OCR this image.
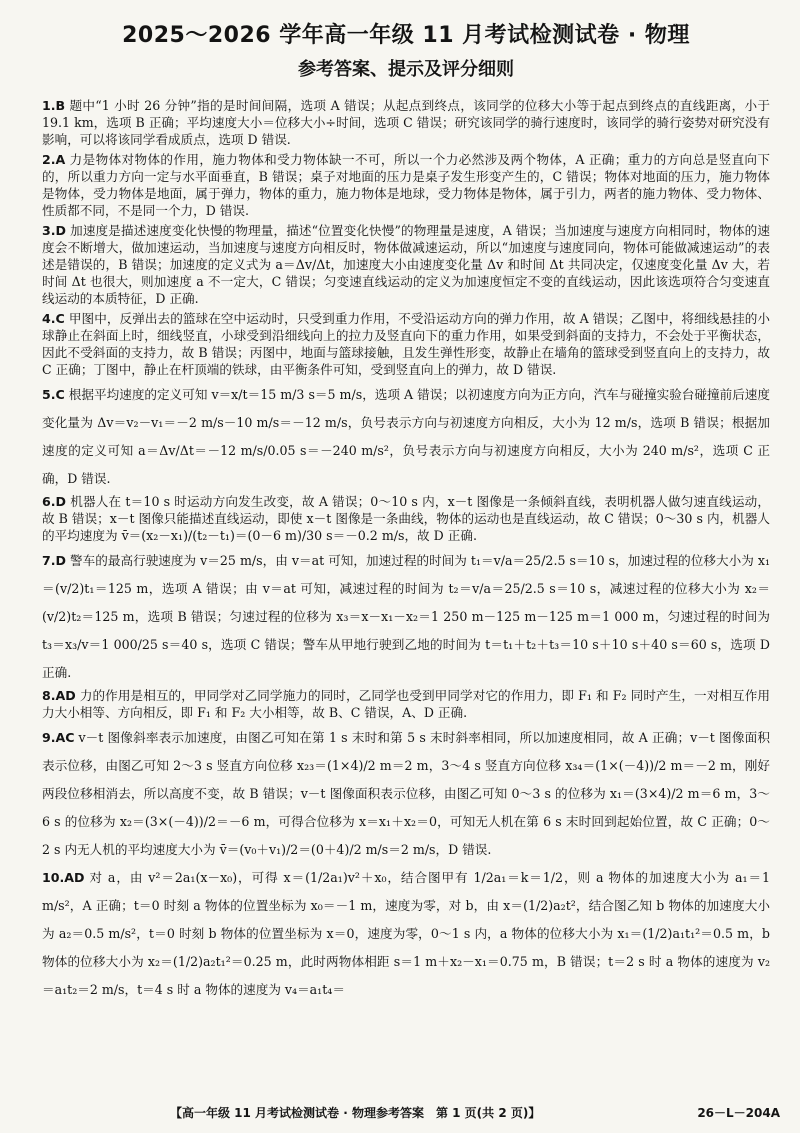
2025～2026 学年高一年级 11 月考试检测试卷 · 物理
参考答案、提示及评分细则
1.B 题中“1 小时 26 分钟”指的是时间间隔，选项 A 错误；从起点到终点，该同学的位移大小等于起点到终点的直线距离，小于19.1 km，选项 B 正确；平均速度大小＝位移大小÷时间，选项 C 错误；研究该同学的骑行速度时，该同学的骑行姿势对研究没有影响，可以将该同学看成质点，选项 D 错误.
2.A 力是物体对物体的作用，施力物体和受力物体缺一不可，所以一个力必然涉及两个物体，A 正确；重力的方向总是竖直向下的，所以重力方向一定与水平面垂直，B 错误；桌子对地面的压力是桌子发生形变产生的，C 错误；物体对地面的压力，施力物体是物体，受力物体是地面，属于弹力，物体的重力，施力物体是地球，受力物体是物体，属于引力，两者的施力物体、受力物体、性质都不同，不是同一个力，D 错误.
3.D 加速度是描述速度变化快慢的物理量，描述“位置变化快慢”的物理量是速度，A 错误；当加速度与速度方向相同时，物体的速度会不断增大，做加速运动，当加速度与速度方向相反时，物体做减速运动，所以“加速度与速度同向，物体可能做减速运动”的表述是错误的，B 错误；加速度的定义式为 a＝Δv/Δt，加速度大小由速度变化量 Δv 和时间 Δt 共同决定，仅速度变化量 Δv 大，若时间 Δt 也很大，则加速度 a 不一定大，C 错误；匀变速直线运动的定义为加速度恒定不变的直线运动，因此该选项符合匀变速直线运动的本质特征，D 正确.
4.C 甲图中，反弹出去的篮球在空中运动时，只受到重力作用，不受沿运动方向的弹力作用，故 A 错误；乙图中，将细线悬挂的小球静止在斜面上时，细线竖直，小球受到沿细线向上的拉力及竖直向下的重力作用，如果受到斜面的支持力，不会处于平衡状态，因此不受斜面的支持力，故 B 错误；丙图中，地面与篮球接触，且发生弹性形变，故静止在墙角的篮球受到竖直向上的支持力，故 C 正确；丁图中，静止在杆顶端的铁球，由平衡条件可知，受到竖直向上的弹力，故 D 错误.
5.C 根据平均速度的定义可知 v＝x/t＝15 m/3 s＝5 m/s，选项 A 错误；以初速度方向为正方向，汽车与碰撞实验台碰撞前后速度变化量为 Δv＝v₂－v₁＝－2 m/s－10 m/s＝－12 m/s，负号表示方向与初速度方向相反，大小为 12 m/s，选项 B 错误；根据加速度的定义可知 a＝Δv/Δt＝－12 m/s/0.05 s＝－240 m/s²，负号表示方向与初速度方向相反，大小为 240 m/s²，选项 C 正确，D 错误.
6.D 机器人在 t＝10 s 时运动方向发生改变，故 A 错误；0～10 s 内，x－t 图像是一条倾斜直线，表明机器人做匀速直线运动，故 B 错误；x－t 图像只能描述直线运动，即使 x－t 图像是一条曲线，物体的运动也是直线运动，故 C 错误；0～30 s 内，机器人的平均速度为 v̄＝(x₂－x₁)/(t₂－t₁)＝(0－6 m)/30 s＝－0.2 m/s，故 D 正确.
7.D 警车的最高行驶速度为 v＝25 m/s，由 v＝at 可知，加速过程的时间为 t₁＝v/a＝25/2.5 s＝10 s，加速过程的位移大小为 x₁＝(v/2)t₁＝125 m，选项 A 错误；由 v＝at 可知，减速过程的时间为 t₂＝v/a＝25/2.5 s＝10 s，减速过程的位移大小为 x₂＝(v/2)t₂＝125 m，选项 B 错误；匀速过程的位移为 x₃＝x－x₁－x₂＝1 250 m－125 m－125 m＝1 000 m，匀速过程的时间为 t₃＝x₃/v＝1 000/25 s＝40 s，选项 C 错误；警车从甲地行驶到乙地的时间为 t＝t₁＋t₂＋t₃＝10 s＋10 s＋40 s＝60 s，选项 D 正确.
8.AD 力的作用是相互的，甲同学对乙同学施力的同时，乙同学也受到甲同学对它的作用力，即 F₁ 和 F₂ 同时产生，一对相互作用力大小相等、方向相反，即 F₁ 和 F₂ 大小相等，故 B、C 错误，A、D 正确.
9.AC v－t 图像斜率表示加速度，由图乙可知在第 1 s 末时和第 5 s 末时斜率相同，所以加速度相同，故 A 正确；v－t 图像面积表示位移，由图乙可知 2～3 s 竖直方向位移 x₂₃＝(1×4)/2 m＝2 m，3～4 s 竖直方向位移 x₃₄＝(1×(－4))/2 m＝－2 m，刚好两段位移相消去，所以高度不变，故 B 错误；v－t 图像面积表示位移，由图乙可知 0～3 s 的位移为 x₁＝(3×4)/2 m＝6 m，3～6 s 的位移为 x₂＝(3×(－4))/2＝－6 m，可得合位移为 x＝x₁＋x₂＝0，可知无人机在第 6 s 末时回到起始位置，故 C 正确；0～2 s 内无人机的平均速度大小为 v̄＝(v₀＋v₁)/2＝(0＋4)/2 m/s＝2 m/s，D 错误.
10.AD 对 a，由 v²＝2a₁(x－x₀)，可得 x＝(1/2a₁)v²＋x₀，结合图甲有 1/2a₁＝k＝1/2，则 a 物体的加速度大小为 a₁＝1 m/s²，A 正确；t＝0 时刻 a 物体的位置坐标为 x₀＝－1 m，速度为零，对 b，由 x＝(1/2)a₂t²，结合图乙知 b 物体的加速度大小为 a₂＝0.5 m/s²，t＝0 时刻 b 物体的位置坐标为 x＝0，速度为零，0～1 s 内，a 物体的位移大小为 x₁＝(1/2)a₁t₁²＝0.5 m，b 物体的位移大小为 x₂＝(1/2)a₂t₁²＝0.25 m，此时两物体相距 s＝1 m＋x₂－x₁＝0.75 m，B 错误；t＝2 s 时 a 物体的速度为 v₂＝a₁t₂＝2 m/s，t＝4 s 时 a 物体的速度为 v₄＝a₁t₄＝
【高一年级 11 月考试检测试卷 · 物理参考答案　第 1 页(共 2 页)】	26－L－204A
